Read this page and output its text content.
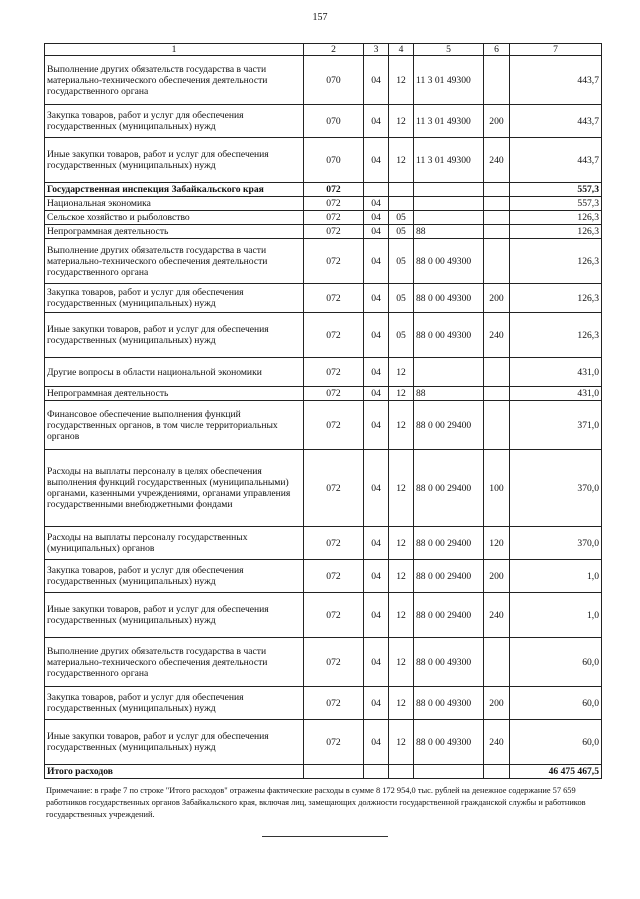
157
1	2	3	4	5	6	7
Выполнение других обязательств государства в части материально-технического обеспечения деятельности государственного органа	070	04	12	11 3 01 49300		443,7
Закупка товаров, работ и услуг для обеспечения государственных (муниципальных) нужд	070	04	12	11 3 01 49300	200	443,7
Иные закупки товаров, работ и услуг для обеспечения государственных (муниципальных) нужд	070	04	12	11 3 01 49300	240	443,7
Государственная инспекция Забайкальского края	072					557,3
Национальная экономика	072	04				557,3
Сельское хозяйство и рыболовство	072	04	05			126,3
Непрограммная деятельность	072	04	05	88		126,3
Выполнение других обязательств государства в части материально-технического обеспечения деятельности государственного органа	072	04	05	88 0 00 49300		126,3
Закупка товаров, работ и услуг для обеспечения государственных (муниципальных) нужд	072	04	05	88 0 00 49300	200	126,3
Иные закупки товаров, работ и услуг для обеспечения государственных (муниципальных) нужд	072	04	05	88 0 00 49300	240	126,3
Другие вопросы в области национальной экономики	072	04	12			431,0
Непрограммная деятельность	072	04	12	88		431,0
Финансовое обеспечение выполнения функций государственных органов, в том числе территориальных органов	072	04	12	88 0 00 29400		371,0
Расходы на выплаты персоналу в целях обеспечения выполнения функций государственных (муниципальными) органами, казенными учреждениями, органами управления государственными внебюджетными фондами	072	04	12	88 0 00 29400	100	370,0
Расходы на выплаты персоналу государственных (муниципальных) органов	072	04	12	88 0 00 29400	120	370,0
Закупка товаров, работ и услуг для обеспечения государственных (муниципальных) нужд	072	04	12	88 0 00 29400	200	1,0
Иные закупки товаров, работ и услуг для обеспечения государственных (муниципальных) нужд	072	04	12	88 0 00 29400	240	1,0
Выполнение других обязательств государства в части материально-технического обеспечения деятельности государственного органа	072	04	12	88 0 00 49300		60,0
Закупка товаров, работ и услуг для обеспечения государственных (муниципальных) нужд	072	04	12	88 0 00 49300	200	60,0
Иные закупки товаров, работ и услуг для обеспечения государственных (муниципальных) нужд	072	04	12	88 0 00 49300	240	60,0
Итого расходов						46 475 467,5
Примечание: в графе 7 по строке "Итого расходов" отражены фактические расходы в сумме 8 172 954,0 тыс. рублей на денежное содержание 57 659 работников государственных органов Забайкальского края, включая лиц, замещающих должности государственной гражданской службы и работников государственных учреждений.
